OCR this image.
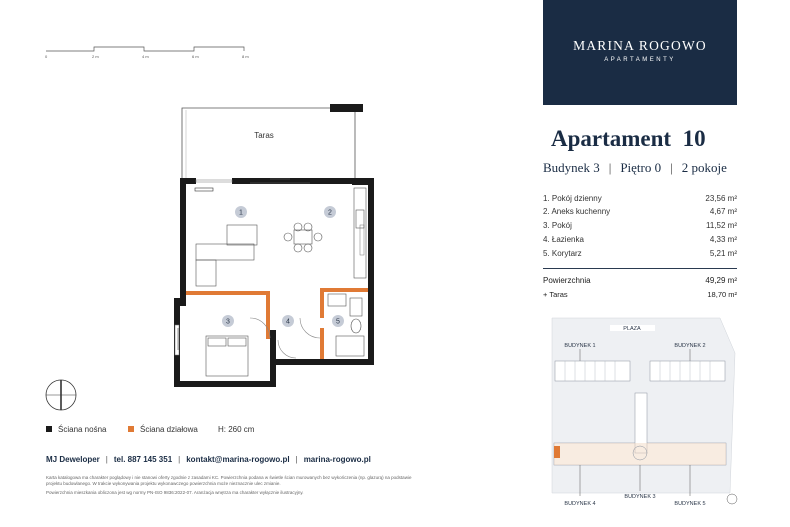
0	2 m	4 m	6 m	8 m
Taras
1	2
3	4	5
Ściana nośna	Ściana działowa	H: 260 cm
MJ Deweloper | tel. 887 145 351 | kontakt@marina-rogowo.pl | marina-rogowo.pl
Karta katalogowa ma charakter poglądowy i nie stanowi oferty zgodnie z zasadami KC. Powierzchnia podana w świetle ścian murowanych bez wykończenia (np. glazurą) na podstawie
projektu budowlanego. W trakcie wykonywania projektu wykonawczego powierzchnia może nieznacznie ulec zmianie.
Powierzchnia mieszkania obliczona jest wg normy PN-ISO 9836:2022-07. Aranżacja wnętrza ma charakter wyłącznie ilustracyjny.
MARINA ROGOWO
APARTAMENTY
Apartament 10
Budynek 3 | Piętro 0 | 2 pokoje
1. Pokój dzienny	23,56 m²
2. Aneks kuchenny	4,67 m²
3. Pokój	11,52 m²
4. Łazienka	4,33 m²
5. Korytarz	5,21 m²
Powierzchnia	49,29 m²
+ Taras	18,70 m²
PLAZA
BUDYNEK 1	BUDYNEK 2
BUDYNEK 3
BUDYNEK 4	BUDYNEK 5
